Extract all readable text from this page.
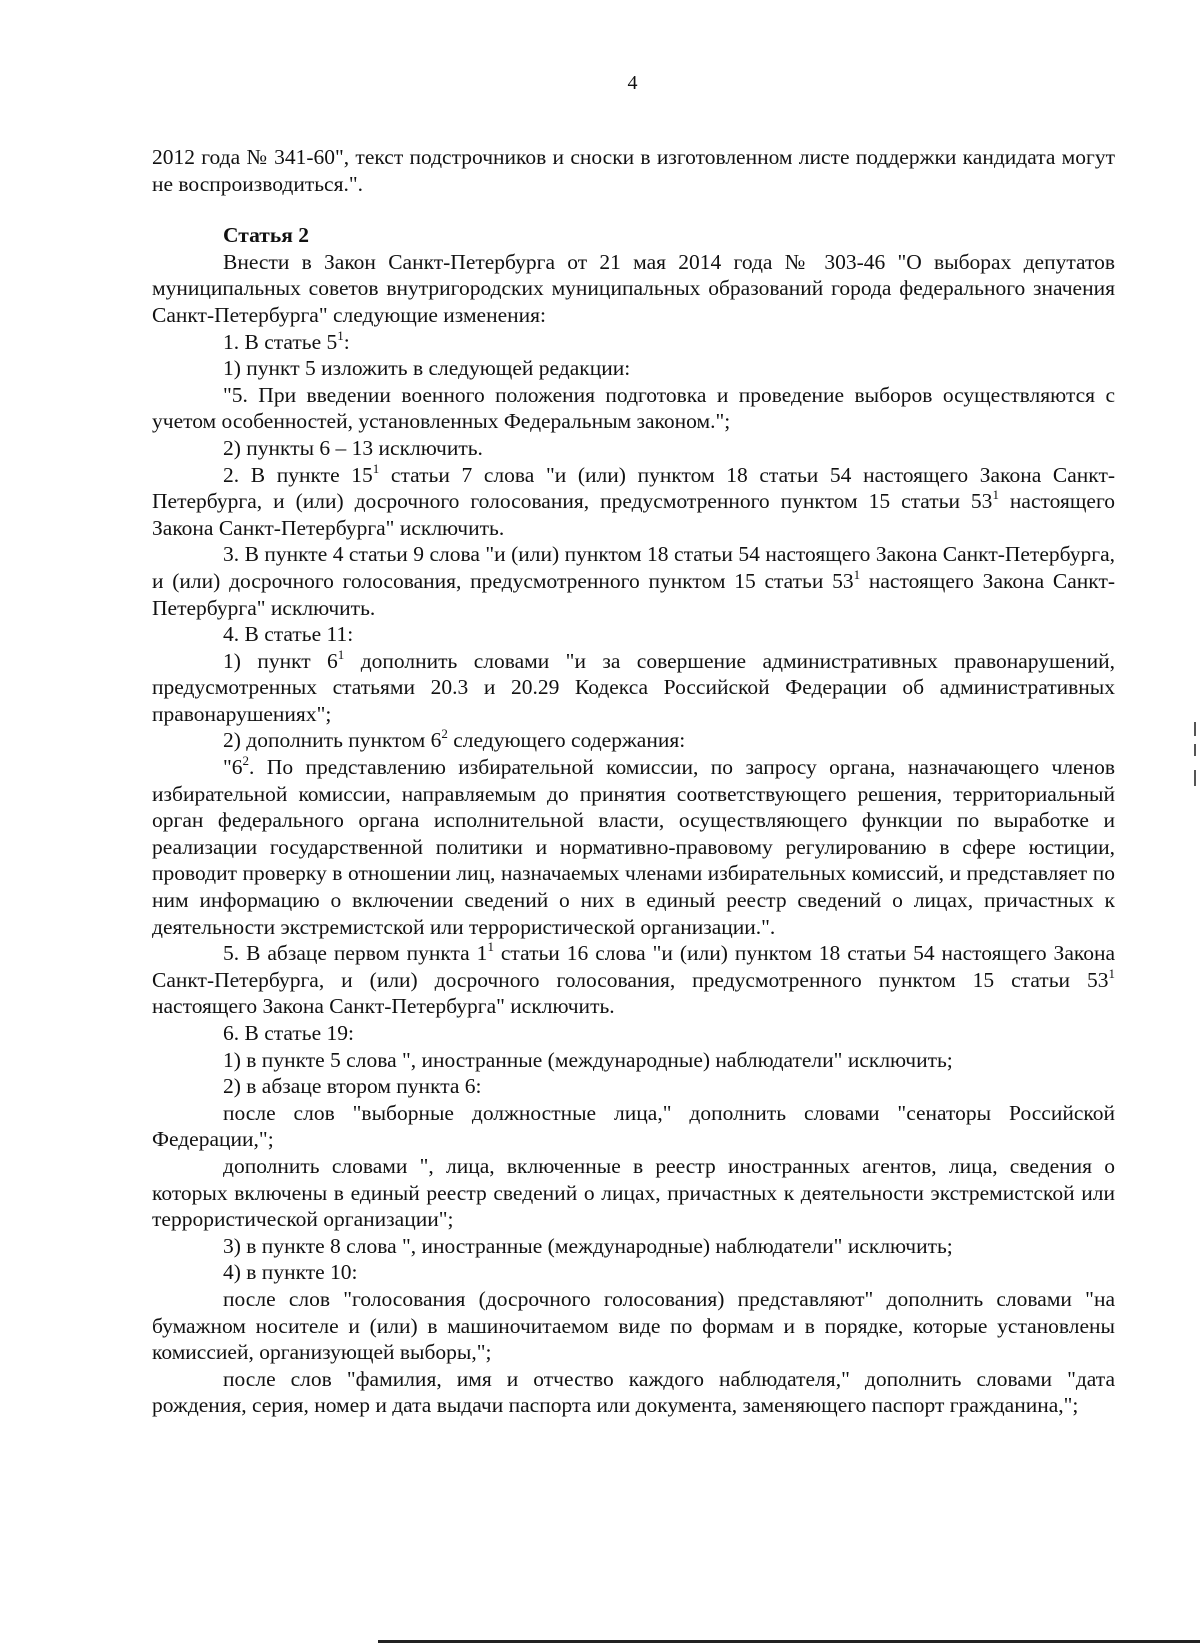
4

2012 года № 341-60", текст подстрочников и сноски в изготовленном листе поддержки кандидата могут не воспроизводиться.".

Статья 2

Внести в Закон Санкт-Петербурга от 21 мая 2014 года № 303-46 "О выборах депутатов муниципальных советов внутригородских муниципальных образований города федерального значения Санкт-Петербурга" следующие изменения:

1. В статье $5^1$:

1) пункт 5 изложить в следующей редакции:

"5. При введении военного положения подготовка и проведение выборов осуществляются с учетом особенностей, установленных Федеральным законом.";

2) пункты 6 – 13 исключить.

2. В пункте $15^1$ статьи 7 слова "и (или) пунктом 18 статьи 54 настоящего Закона Санкт-Петербурга, и (или) досрочного голосования, предусмотренного пунктом 15 статьи $53^1$ настоящего Закона Санкт-Петербурга" исключить.

3. В пункте 4 статьи 9 слова "и (или) пунктом 18 статьи 54 настоящего Закона Санкт-Петербурга, и (или) досрочного голосования, предусмотренного пунктом 15 статьи $53^1$ настоящего Закона Санкт-Петербурга" исключить.

4. В статье 11:

1) пункт $6^1$ дополнить словами "и за совершение административных правонарушений, предусмотренных статьями 20.3 и 20.29 Кодекса Российской Федерации об административных правонарушениях";

2) дополнить пунктом $6^2$ следующего содержания:

"$6^2$. По представлению избирательной комиссии, по запросу органа, назначающего членов избирательной комиссии, направляемым до принятия соответствующего решения, территориальный орган федерального органа исполнительной власти, осуществляющего функции по выработке и реализации государственной политики и нормативно-правовому регулированию в сфере юстиции, проводит проверку в отношении лиц, назначаемых членами избирательных комиссий, и представляет по ним информацию о включении сведений о них в единый реестр сведений о лицах, причастных к деятельности экстремистской или террористической организации.".

5. В абзаце первом пункта $1^1$ статьи 16 слова "и (или) пунктом 18 статьи 54 настоящего Закона Санкт-Петербурга, и (или) досрочного голосования, предусмотренного пунктом 15 статьи $53^1$ настоящего Закона Санкт-Петербурга" исключить.

6. В статье 19:

1) в пункте 5 слова ", иностранные (международные) наблюдатели" исключить;

2) в абзаце втором пункта 6:

после слов "выборные должностные лица," дополнить словами "сенаторы Российской Федерации,";

дополнить словами ", лица, включенные в реестр иностранных агентов, лица, сведения о которых включены в единый реестр сведений о лицах, причастных к деятельности экстремистской или террористической организации";

3) в пункте 8 слова ", иностранные (международные) наблюдатели" исключить;

4) в пункте 10:

после слов "голосования (досрочного голосования) представляют" дополнить словами "на бумажном носителе и (или) в машиночитаемом виде по формам и в порядке, которые установлены комиссией, организующей выборы,";

после слов "фамилия, имя и отчество каждого наблюдателя," дополнить словами "дата рождения, серия, номер и дата выдачи паспорта или документа, заменяющего паспорт гражданина,";
